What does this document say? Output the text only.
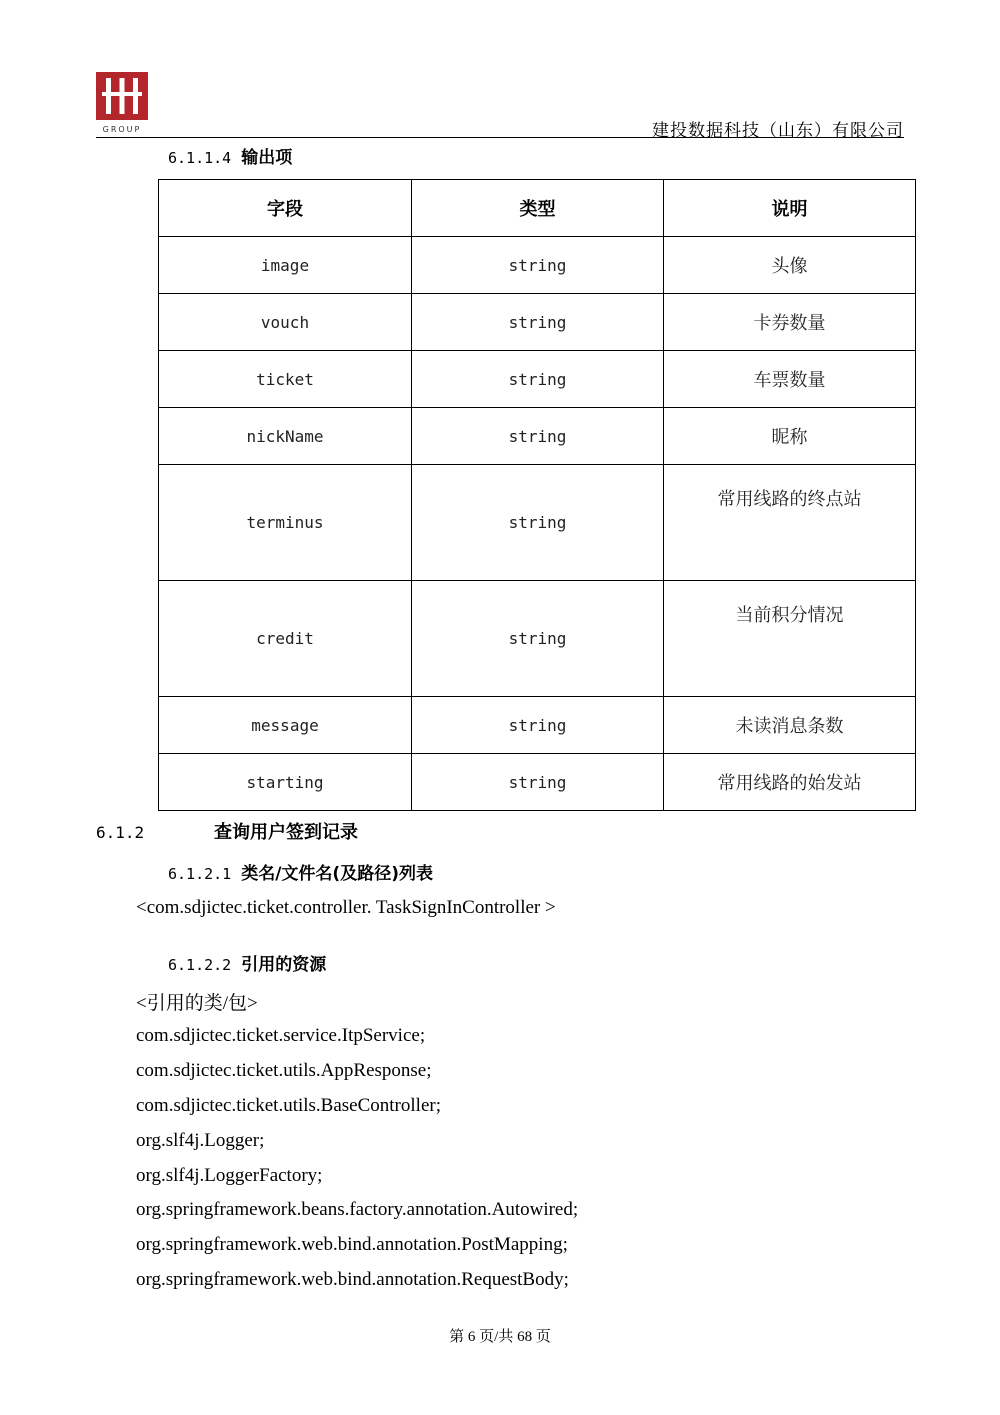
GROUP	建投数据科技（山东）有限公司
6.1.1.4 输出项
字段	类型	说明
image	string	头像
vouch	string	卡券数量
ticket	string	车票数量
nickName	string	昵称
terminus	string	常用线路的终点站
credit	string	当前积分情况
message	string	未读消息条数
starting	string	常用线路的始发站
6.1.2	查询用户签到记录
6.1.2.1 类名/文件名(及路径)列表
<com.sdjictec.ticket.controller. TaskSignInController >
6.1.2.2 引用的资源
<引用的类/包>
com.sdjictec.ticket.service.ItpService;
com.sdjictec.ticket.utils.AppResponse;
com.sdjictec.ticket.utils.BaseController;
org.slf4j.Logger;
org.slf4j.LoggerFactory;
org.springframework.beans.factory.annotation.Autowired;
org.springframework.web.bind.annotation.PostMapping;
org.springframework.web.bind.annotation.RequestBody;
第 6 页/共 68 页
